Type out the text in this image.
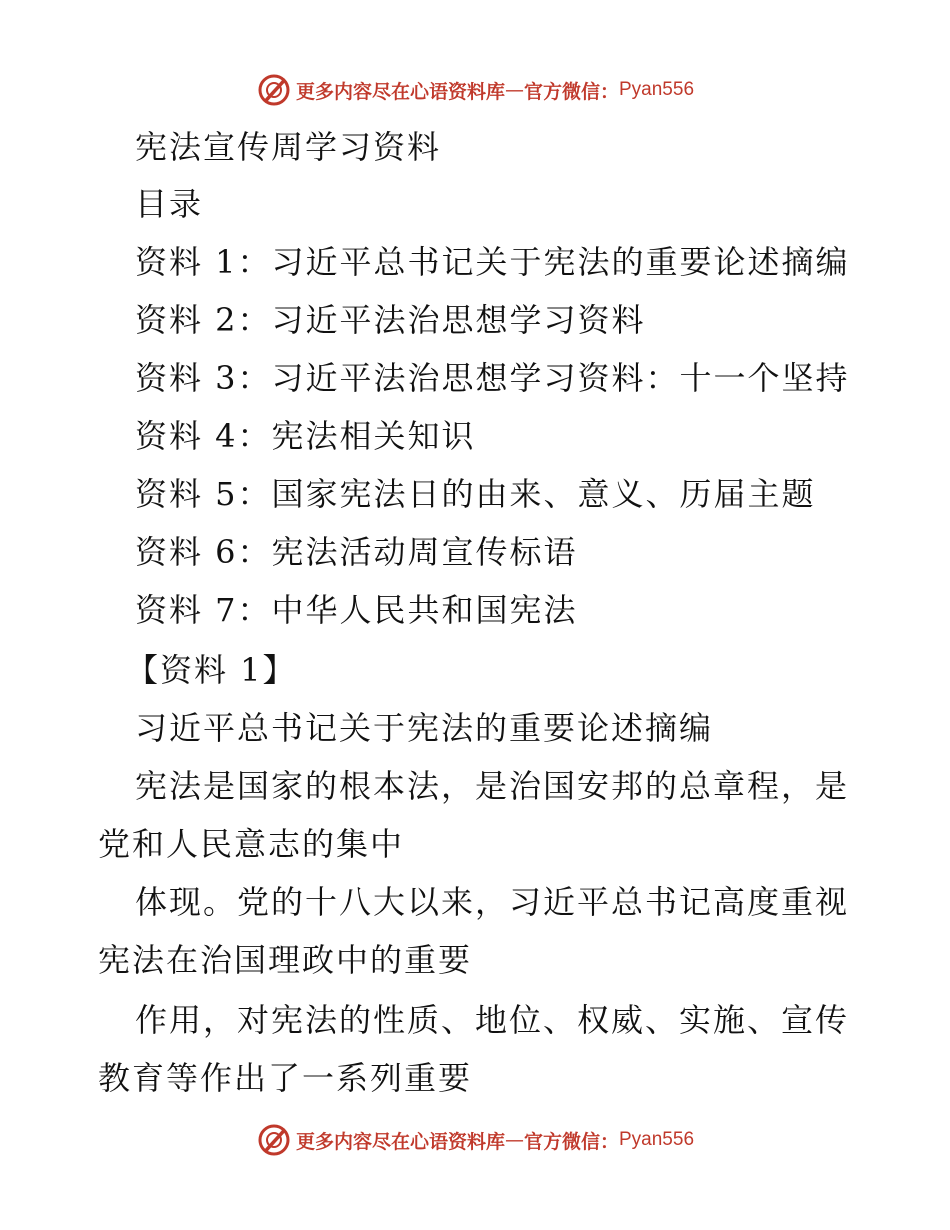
更多内容尽在心语资料库 — 官方微信： Pyan556
宪法宣传周学习资料
目录
资料 1：习近平总书记关于宪法的重要论述摘编
资料 2：习近平法治思想学习资料
资料 3：习近平法治思想学习资料：十一个坚持
资料 4：宪法相关知识
资料 5：国家宪法日的由来、意义、历届主题
资料 6：宪法活动周宣传标语
资料 7：中华人民共和国宪法
【资料 1】
习近平总书记关于宪法的重要论述摘编
宪法是国家的根本法，是治国安邦的总章程，是
党和人民意志的集中
体现。党的十八大以来，习近平总书记高度重视
宪法在治国理政中的重要
作用，对宪法的性质、地位、权威、实施、宣传
教育等作出了一系列重要
更多内容尽在心语资料库 — 官方微信： Pyan556
